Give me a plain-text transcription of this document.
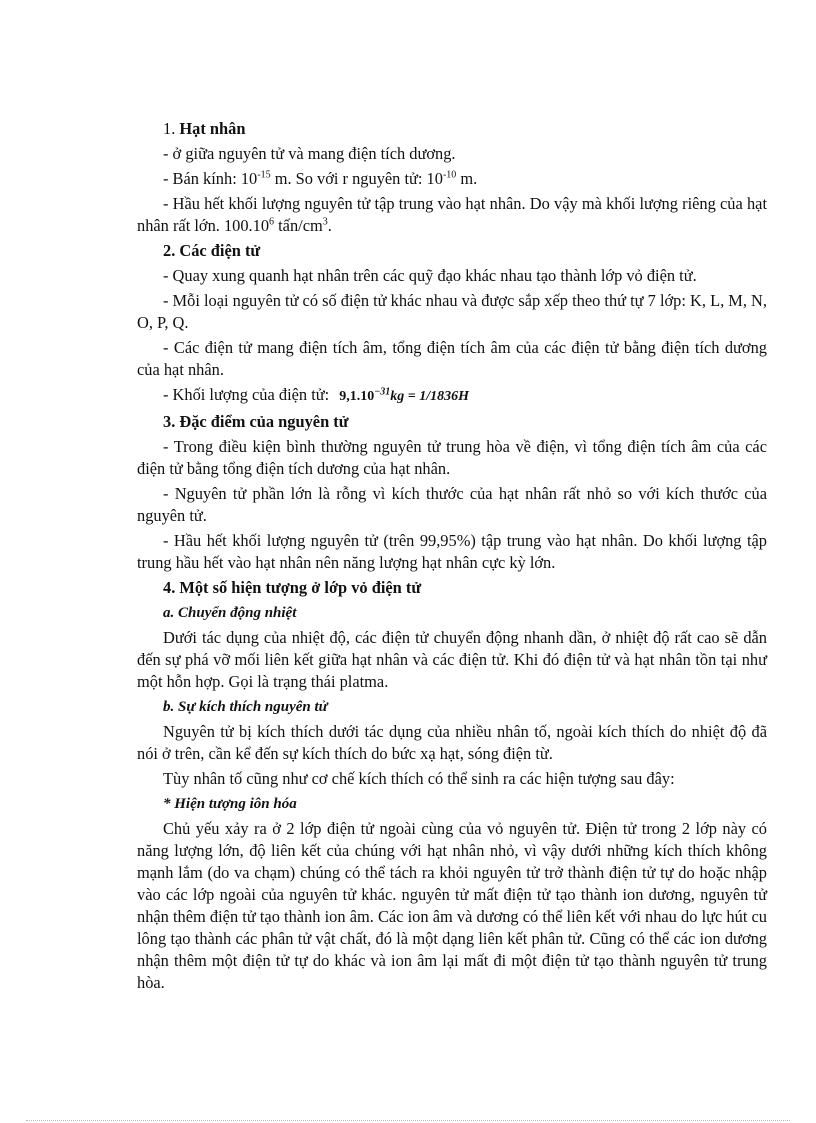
1. Hạt nhân

- ở giữa nguyên tử và mang điện tích dương.

- Bán kính: $10^{-15}$ m. So với r nguyên tử: $10^{-10}$ m.

- Hầu hết khối lượng nguyên tử tập trung vào hạt nhân. Do vậy mà khối lượng riêng của hạt nhân rất lớn. 100.10$^6$ tấn/$cm^3$.

2. Các điện tử

- Quay xung quanh hạt nhân trên các quỹ đạo khác nhau tạo thành lớp vỏ điện tử.

- Mỗi loại nguyên tử có số điện tử khác nhau và được sắp xếp theo thứ tự 7 lớp: K, L, M, N, O, P, Q.

- Các điện tử mang điện tích âm, tổng điện tích âm của các điện tử bằng điện tích dương của hạt nhân.

- Khối lượng của điện tử: $9,1.10^{-31}kg = 1/1836H$

3. Đặc điểm của nguyên tử

- Trong điều kiện bình thường nguyên tử trung hòa về điện, vì tổng điện tích âm của các điện tử bằng tổng điện tích dương của hạt nhân.

- Nguyên tử phần lớn là rỗng vì kích thước của hạt nhân rất nhỏ so với kích thước của nguyên tử.

- Hầu hết khối lượng nguyên tử (trên 99,95%) tập trung vào hạt nhân. Do khối lượng tập trung hầu hết vào hạt nhân nên năng lượng hạt nhân cực kỳ lớn.

4. Một số hiện tượng ở lớp vỏ điện tử

a. Chuyển động nhiệt

Dưới tác dụng của nhiệt độ, các điện tử chuyển động nhanh dần, ở nhiệt độ rất cao sẽ dẫn đến sự phá vỡ mối liên kết giữa hạt nhân và các điện tử. Khi đó điện tử và hạt nhân tồn tại như một hỗn hợp. Gọi là trạng thái platma.

b. Sự kích thích nguyên tử

Nguyên tử bị kích thích dưới tác dụng của nhiều nhân tố, ngoài kích thích do nhiệt độ đã nói ở trên, cần kể đến sự kích thích do bức xạ hạt, sóng điện từ.

Tùy nhân tố cũng như cơ chế kích thích có thể sinh ra các hiện tượng sau đây:

* Hiện tượng iôn hóa

Chủ yếu xảy ra ở 2 lớp điện tử ngoài cùng của vỏ nguyên tử. Điện tử trong 2 lớp này có năng lượng lớn, độ liên kết của chúng với hạt nhân nhỏ, vì vậy dưới những kích thích không mạnh lắm (do va chạm) chúng có thể tách ra khỏi nguyên tử trở thành điện tử tự do hoặc nhập vào các lớp ngoài của nguyên tử khác. nguyên tử mất điện tử tạo thành ion dương, nguyên tử nhận thêm điện tử tạo thành ion âm. Các ion âm và dương có thể liên kết với nhau do lực hút cu lông tạo thành các phân tử vật chất, đó là một dạng liên kết phân tử. Cũng có thể các ion dương nhận thêm một điện tử tự do khác và ion âm lại mất đi một điện tử tạo thành nguyên tử trung hòa.
